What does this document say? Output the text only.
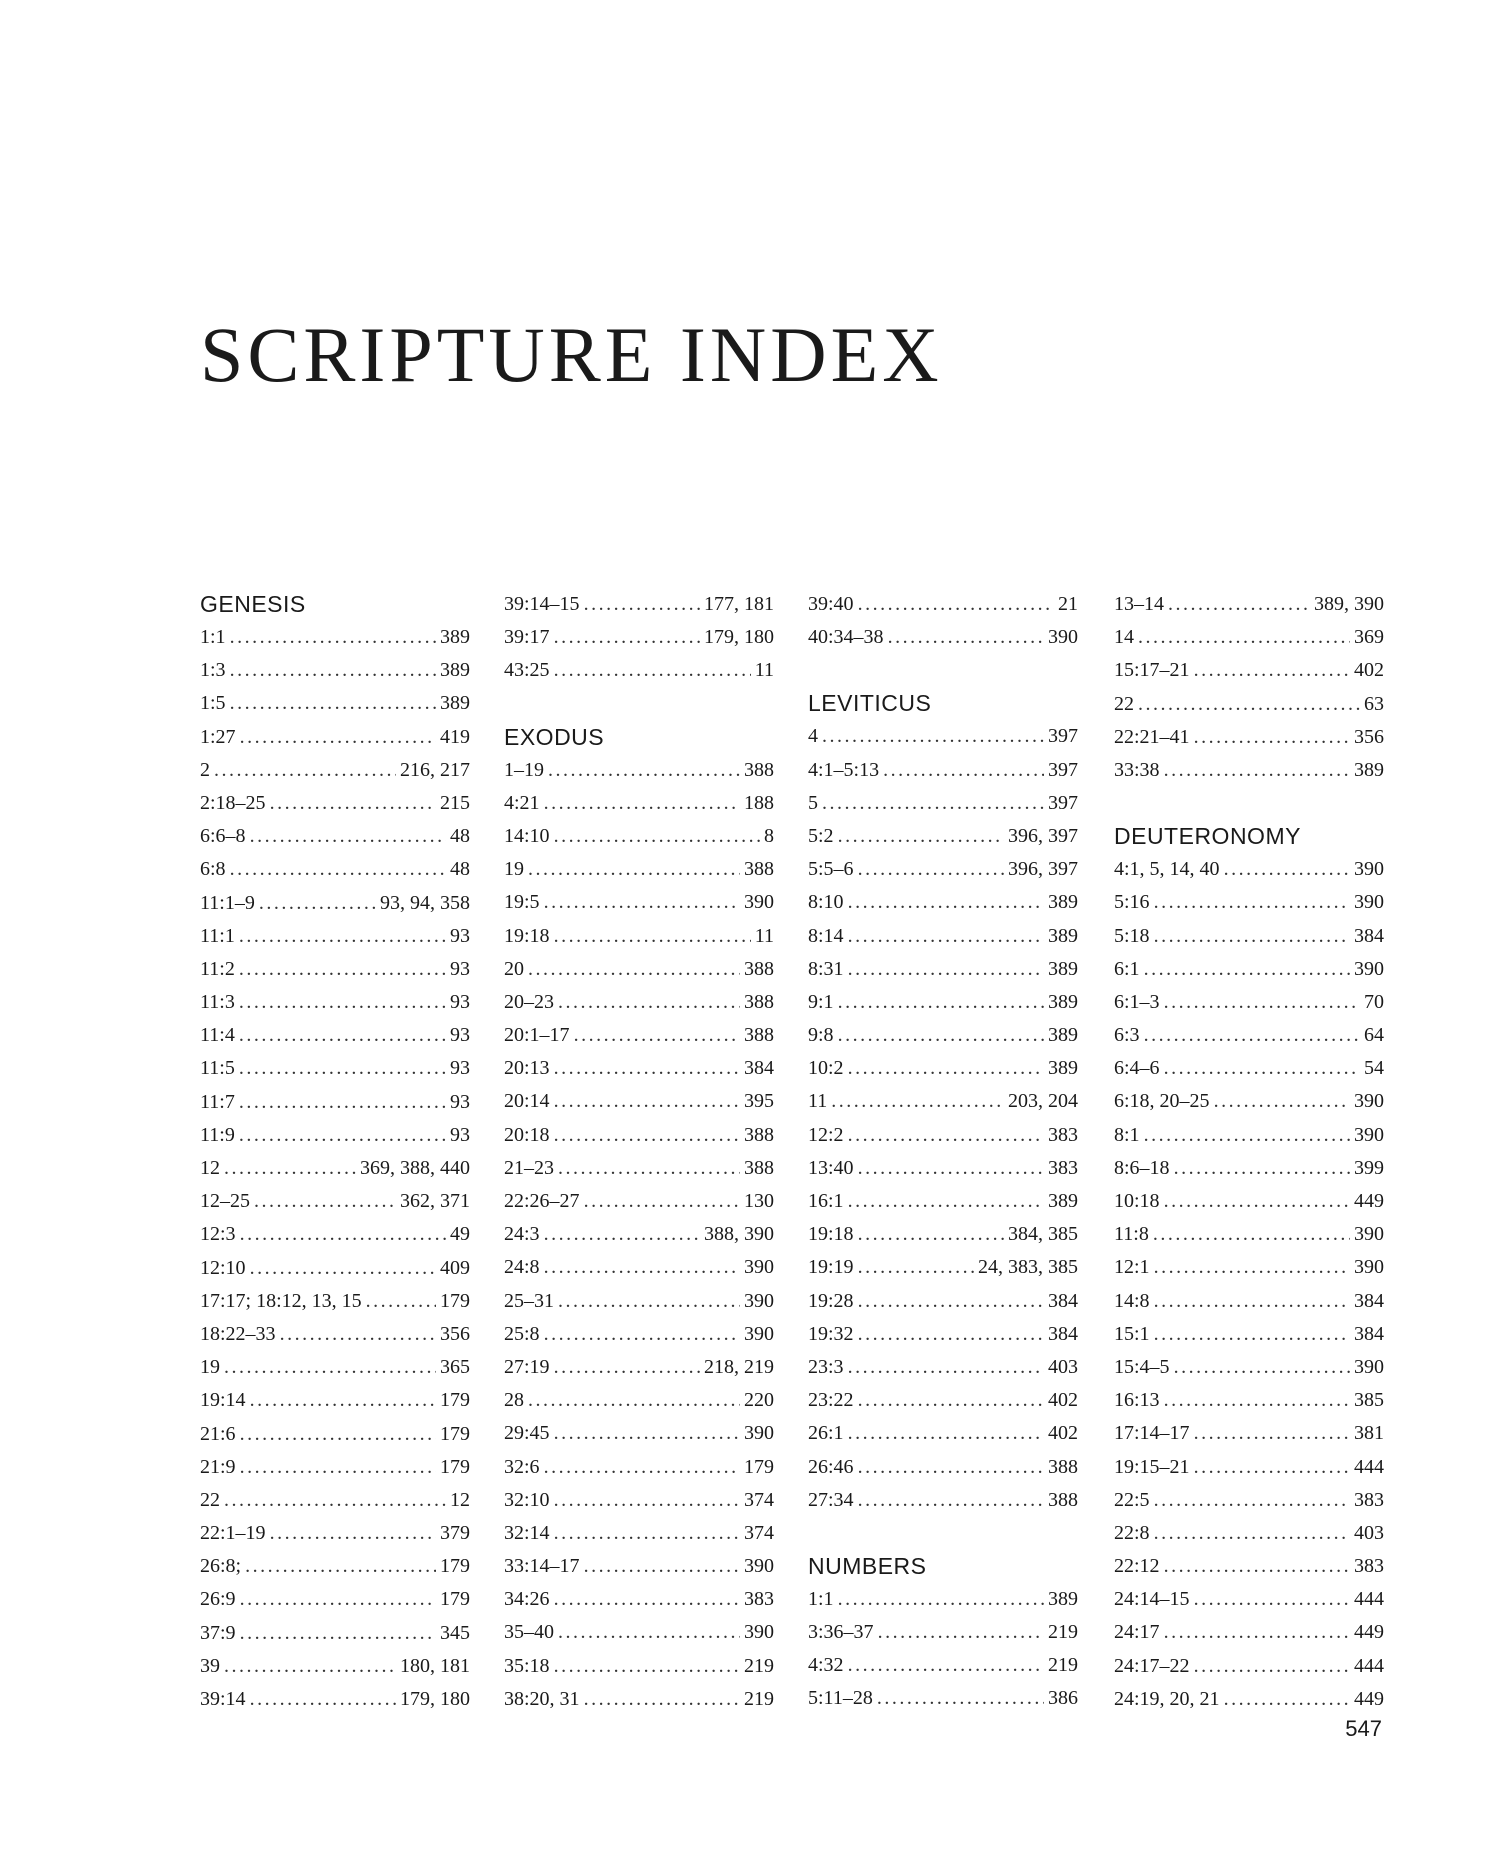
SCRIPTURE INDEX
GENESIS
1:1 .....	389
1:3 .....	389
1:5 .....	389
1:27 .....	419
2 .....	216, 217
2:18–25 .....	215
6:6–8 .....	48
6:8 .....	48
11:1–9 .....	93, 94, 358
11:1 .....	93
11:2 .....	93
11:3 .....	93
11:4 .....	93
11:5 .....	93
11:7 .....	93
11:9 .....	93
12 .....	369, 388, 440
12–25 .....	362, 371
12:3 .....	49
12:10 .....	409
17:17; 18:12, 13, 15 .....	179
18:22–33 .....	356
19 .....	365
19:14 .....	179
21:6 .....	179
21:9 .....	179
22 .....	12
22:1–19 .....	379
26:8; .....	179
26:9 .....	179
37:9 .....	345
39 .....	180, 181
39:14 .....	179, 180
39:14–15 .....	177, 181
39:17 .....	179, 180
43:25 .....	11
EXODUS
1–19 .....	388
4:21 .....	188
14:10 .....	8
19 .....	388
19:5 .....	390
19:18 .....	11
20 .....	388
20–23 .....	388
20:1–17 .....	388
20:13 .....	384
20:14 .....	395
20:18 .....	388
21–23 .....	388
22:26–27 .....	130
24:3 .....	388, 390
24:8 .....	390
25–31 .....	390
25:8 .....	390
27:19 .....	218, 219
28 .....	220
29:45 .....	390
32:6 .....	179
32:10 .....	374
32:14 .....	374
33:14–17 .....	390
34:26 .....	383
35–40 .....	390
35:18 .....	219
38:20, 31 .....	219
39:40 .....	21
40:34–38 .....	390
LEVITICUS
4 .....	397
4:1–5:13 .....	397
5 .....	397
5:2 .....	396, 397
5:5–6 .....	396, 397
8:10 .....	389
8:14 .....	389
8:31 .....	389
9:1 .....	389
9:8 .....	389
10:2 .....	389
11 .....	203, 204
12:2 .....	383
13:40 .....	383
16:1 .....	389
19:18 .....	384, 385
19:19 .....	24, 383, 385
19:28 .....	384
19:32 .....	384
23:3 .....	403
23:22 .....	402
26:1 .....	402
26:46 .....	388
27:34 .....	388
NUMBERS
1:1 .....	389
3:36–37 .....	219
4:32 .....	219
5:11–28 .....	386
13–14 .....	389, 390
14 .....	369
15:17–21 .....	402
22 .....	63
22:21–41 .....	356
33:38 .....	389
DEUTERONOMY
4:1, 5, 14, 40 .....	390
5:16 .....	390
5:18 .....	384
6:1 .....	390
6:1–3 .....	70
6:3 .....	64
6:4–6 .....	54
6:18, 20–25 .....	390
8:1 .....	390
8:6–18 .....	399
10:18 .....	449
11:8 .....	390
12:1 .....	390
14:8 .....	384
15:1 .....	384
15:4–5 .....	390
16:13 .....	385
17:14–17 .....	381
19:15–21 .....	444
22:5 .....	383
22:8 .....	403
22:12 .....	383
24:14–15 .....	444
24:17 .....	449
24:17–22 .....	444
24:19, 20, 21 .....	449
547
